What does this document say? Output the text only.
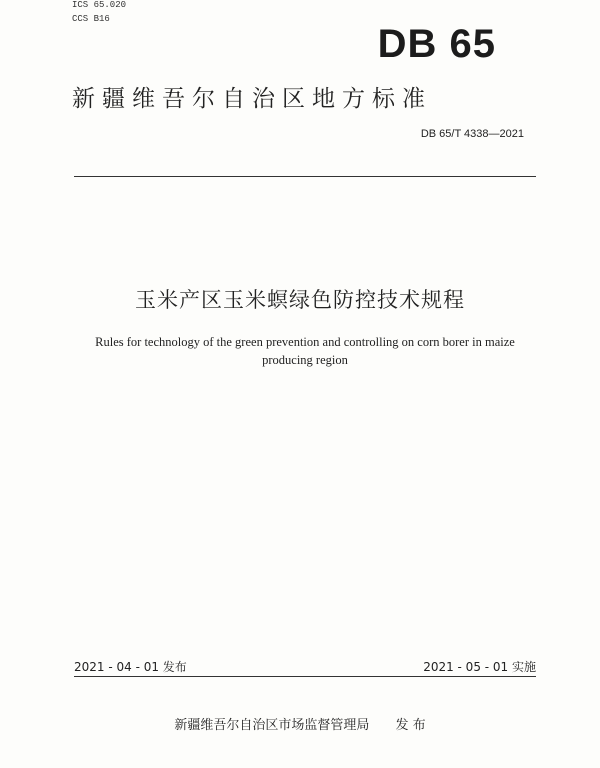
ICS 65.020
CCS B16
DB 65
新疆维吾尔自治区地方标准
DB 65/T 4338—2021
玉米产区玉米螟绿色防控技术规程
Rules for technology of the green prevention and controlling on corn borer in maize producing region
2021 - 04 - 01 发布	2021 - 05 - 01 实施
新疆维吾尔自治区市场监督管理局 发 布
